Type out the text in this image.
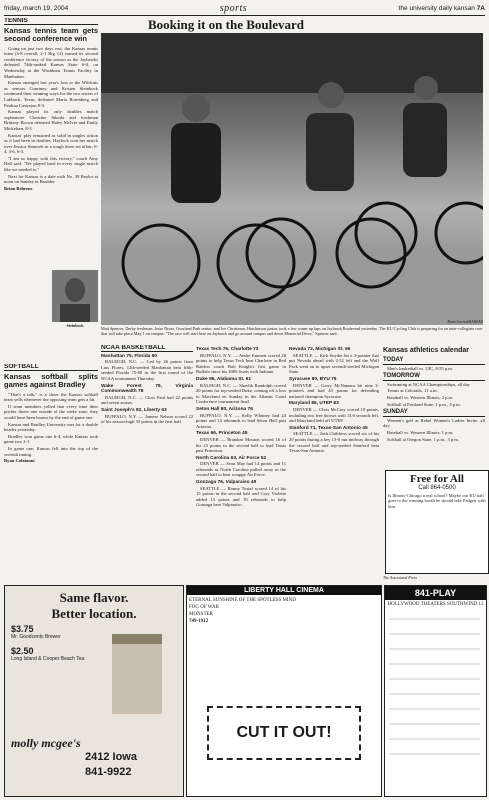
friday, march 19, 2004	sports	the university daily kansan 7A
TENNIS
Kansas tennis team gets second conference win

Going on just two days rest, the Kansas tennis team (3-8 overall, 2-1 Big 12) earned its second conference victory of the season as the Jayhawks defeated 74th-ranked Kansas State 6-0, on Wednesday at the Washburn Tennis Facility in Manhattan.

Kansas emerged last year's loss to the Wildcats as seniors Courtney and Kristen Steinbock continued their winning ways for the two sisters of Lubbock, Texas, defeated Maria Rosenberg and Paulina Castrejon 8-3.

Kansas played its only doubles match sophomore Christine Sikoda and freshman Brittany Brown defeated Haley McIver and Emily Mickelsen, 8-3.

Kansas' play remained as solid in singles action as it had been in doubles. Haylock won her match over Jessica Simecek in a tough three set affair, 6-4, 3-6, 6-3.

"I am so happy with this victory," coach Amy Hall said. "We played hard in every single match like we needed to."

Next for Kansas is a date with No. 39 Baylor at noon on Sunday in Boulder.

Brian Behrens
Steinbock
SOFTBALL
Kansas softball splits games against Bradley

"That's a talk," is a cheer the Kansas softball team yells whenever the opposing team gets a hit.

If team members yelled that every time their pitcher threw one outside of the strike zone, they would have been hoarse by the end of game one.

Kansas and Bradley University met for a double header yesterday.

Bradley won game one 6-4, while Kansas took game two 2-1.

In game one, Kansas fell into the top of the seventh inning.

Ryan Colaianni
Booking it on the Boulevard
Brent Garrett/KANSAN
Matt Spencer, Derby freshman, Jesse Dross, Overland Park senior, and Joe Christman, Hutchinson junior, took a few warm-up laps on Jayhawk Boulevard yesterday. The KU Cycling Club is preparing for an inter-collegiate race that will take place May 1 on campus. "The race will start here on Jayhawk and go around campus and down Memorial Drive," Spencer said.
NCAA BASKETBALL
Manhattan 75, Florida 60

RALEIGH, N.C. — Led by 26 points from Luis Flores, 12th-seeded Manhattan beat fifth-seeded Florida 75-60 in the first round of the NCAA tournament Thursday.

Wake Forest 79, Virginia Commonwealth 78

RALEIGH, N.C. — Chris Paul had 22 points and seven assists.

Saint Joseph's 82, Liberty 63

BUFFALO, N.Y. — Jameer Nelson scored 22 of his season-high 33 points in the first half.

Texas Tech 76, Charlotte 73

BUFFALO, N.Y. — Andre Emmett scored 20 points to help Texas Tech beat Charlotte in Red Raiders coach Bob Knight's first game in Buffalo since his 2000 finals with Indiana.

Duke 96, Alabama St. 61

RALEIGH, N.C. — Shavlik Randolph scored 20 points for top-seeded Duke, coming off a loss to Maryland on Sunday in the Atlantic Coast Conference tournament final.

Seton Hall 80, Arizona 76

BUFFALO, N.Y. — Kelly Whitney had 24 points and 14 rebounds to lead Seton Hall past Arizona.

Texas 66, Princeton 49

DENVER — Brandon Mouton scored 16 of his 23 points in the second half to lead Texas past Princeton.

North Carolina 63, Air Force 52

DENVER — Sean May had 14 points and 11 rebounds as North Carolina pulled away in the second half to beat scrappy Air Force.

Gonzaga 76, Valparaiso 49

SEATTLE — Ronny Turiaf scored 14 of his 15 points in the second half and Cory Violette added 13 points and 10 rebounds to help Gonzaga beat Valparaiso.

Nevada 72, Michigan St. 66

SEATTLE — Kirk Snyder hit a 3-pointer that put Nevada ahead with 2:52 left and the Wolf Pack went on to upset seventh-seeded Michigan State.

Syracuse 80, BYU 75

DENVER — Gerry McNamara hit nine 3-pointers and had 43 points for defending national champion Syracuse.

Maryland 86, UTEP 83

DENVER — Chris McCray scored 19 points, including two free throws with 13.6 seconds left, and Maryland held off UTEP.

Stanford 71, Texas-San Antonio 45

SEATTLE — Josh Childress scored six of his 20 points during a key 13-0 run midway through the second half and top-seeded Stanford beat Texas-San Antonio.

Kansas athletics calendar
TODAY

Men's basketball vs. UIC, 8:55 p.m.

TOMORROW

Swimming at NCAA Championships, all day

Tennis at Colorado, 11 a.m.

Baseball vs. Western Illinois, 2 p.m.

Softball at Portland State, 1 p.m., 3 p.m.

SUNDAY

Women's golf at Rebel Women's Ladies Invite, all day

Baseball vs. Western Illinois, 1 p.m.

Softball at Oregon State, 1 p.m., 3 p.m.

Free for All
Call 864-0500
Is Illinois-Chicago a real school? Maybe our KU ball goes to the winning booth he should take Padgett with him.
The Associated Press
Same flavor.
Better location.
$3.75
Mr. Goodcents Brewer
$2.50
Long Island & Cooper Beach Tea
molly mcgee's
2412 Iowa
841-9922
LIBERTY HALL CINEMA
ETERNAL SUNSHINE OF THE SPOTLESS MIND
FOG OF WAR
MONSTER
749-1912
CUT IT OUT!
841-PLAY
HOLLYWOOD THEATERS SOUTHWIND 12
